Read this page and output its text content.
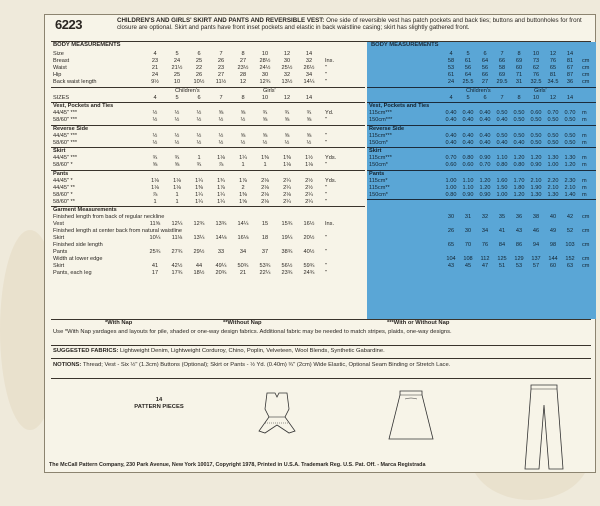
6223	CHILDREN'S AND GIRLS' SKIRT AND PANTS AND REVERSIBLE VEST: One side of reversible vest has patch pockets and back ties; buttons and buttonholes for front closure are optional. Skirt and pants have front inset pockets and elastic in back waistline casing; skirt has slightly gathered front.
BODY MEASUREMENTS	BODY MEASUREMENTS
Size	4	5	6	7	8	10	12	14
Breast	23	24	25	26	27	28½	30	32	Ins.
Waist	21	21½	22	23	23½	24½	25½	26½	"
Hip	24	25	26	27	28	30	32	34	"
Back waist length	9½	10	10½	11½	12	12¾	13½	14¼	"
Children's	Girls'
SIZES	4	5	6	7	8	10	12	14
Vest, Pockets and Ties
44/45" ***	½	½	½	⅝	⅝	¾	¾	¾	Yd.
58/60" ***	½	½	½	½	½	⅝	⅝	⅝	"
Reverse Side
44/45" ***	½	½	½	½	⅝	⅝	⅝	⅝	"
58/60" ***	½	½	½	½	½	½	½	½	"
Skirt
44/45" ***	¾	¾	1	1⅛	1¼	1⅜	1⅜	1½	Yds.
58/60" *	⅝	⅝	¾	⅞	1	1	1⅛	1⅛	"
Pants
44/45" *	1⅛	1⅛	1¼	1¾	1⅞	2⅛	2¼	2½	Yds.
44/45" **	1⅛	1⅛	1⅜	1⅞	2	2⅛	2¼	2½	"
58/60" *	⅞	1	1¼	1¼	1⅜	2⅛	2⅛	2¼	"
58/60" **	1	1	1¼	1¼	1⅝	2⅛	2¼	2¼	"
Garment Measurements
Finished length from back of regular neckline
Vest	11⅝	12¼	12¾	13¾	14¼	15	15¾	16½	Ins.
Finished length at center back from natural waistline
Skirt	10¼	11⅛	13¼	14⅛	16⅛	18	19¼	20½	"
Finished side length
Pants	25¾	27¾	29½	33	34	37	38¾	40½	"
Width at lower edge
Skirt	41	42½	44	49¼	50¾	53¾	56½	59¾	"
Pants, each leg	17	17¾	18½	20¾	21	22¼	23¾	24¾	"
4	5	6	7	8	10	12	14
58	61	64	66	69	73	76	81	cm
53	56	56	58	60	62	65	67	cm
61	64	66	69	71	76	81	87	cm
24	25.5	27	29.5	31	32.5	34.5	36	cm
Children's	Girls'
4	5	6	7	8	10	12	14
Vest, Pockets and Ties
115cm***	0.40	0.40	0.40	0.50	0.50	0.60	0.70	0.70	m
150cm***	0.40	0.40	0.40	0.40	0.50	0.50	0.50	0.50	m
Reverse Side
115cm***	0.40	0.40	0.40	0.50	0.50	0.50	0.50	0.50	m
150cm*	0.40	0.40	0.40	0.40	0.40	0.50	0.50	0.50	m
Skirt
115cm***	0.70	0.80	0.90	1.10	1.20	1.20	1.30	1.30	m
150cm*	0.60	0.60	0.70	0.80	0.80	0.90	1.00	1.20	m
Pants
115cm*	1.00	1.10	1.20	1.60	1.70	2.10	2.20	2.30	m
115cm**	1.00	1.10	1.20	1.50	1.80	1.90	2.10	2.10	m
150cm*	0.80	0.90	0.90	1.00	1.20	1.30	1.30	1.40	m
30	31	32	35	36	38	40	42	cm
26	30	34	41	43	46	49	52	cm
65	70	76	84	86	94	98	103	cm
104	108	112	125	129	137	144	152	cm
43	45	47	51	53	57	60	63	cm
*With Nap	**Without Nap	***With or Without Nap
Use *With Nap yardages and layouts for pile, shaded or one-way design fabrics. Additional fabric may be needed to match stripes, plaids, one-way designs.
SUGGESTED FABRICS: Lightweight Denim, Lightweight Corduroy, Chino, Poplin, Velveteen, Wool Blends, Synthetic Gabardine.
NOTIONS: Thread; Vest - Six ½" (1.3cm) Buttons (Optional); Skirt or Pants - ½ Yd. (0.40m) ¾" (2cm) Wide Elastic, Optional Seam Binding or Stretch Lace.
14
PATTERN PIECES
The McCall Pattern Company, 230 Park Avenue, New York 10017, Copyright 1978, Printed in U.S.A. Trademark Reg. U.S. Pat. Off. - Marca Registrada
